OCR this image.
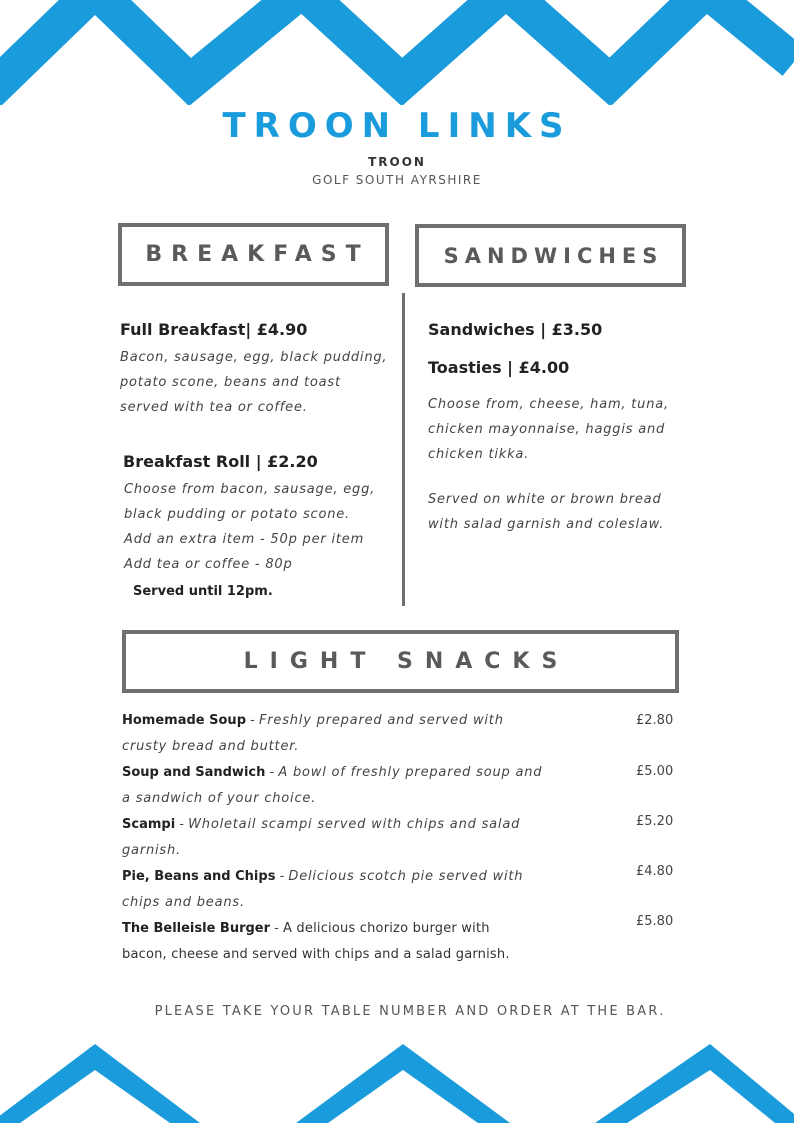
TROON LINKS
TROON
GOLF SOUTH AYRSHIRE
BREAKFAST
Full Breakfast| £4.90
Bacon, sausage, egg, black pudding,
potato scone, beans and toast
served with tea or coffee.
Breakfast Roll | £2.20
Choose from bacon, sausage, egg,
black pudding or potato scone.
Add an extra item - 50p per item
Add tea or coffee - 80p
Served until 12pm.
SANDWICHES
Sandwiches | £3.50
Toasties | £4.00
Choose from, cheese, ham, tuna,
chicken mayonnaise, haggis and
chicken tikka.
Served on white or brown bread
with salad garnish and coleslaw.
LIGHT SNACKS
Homemade Soup - Freshly prepared and served with
crusty bread and butter.
£2.80
Soup and Sandwich - A bowl of freshly prepared soup and
a sandwich of your choice.
£5.00
Scampi - Wholetail scampi served with chips and salad
garnish.
£5.20
Pie, Beans and Chips - Delicious scotch pie served with
chips and beans.
£4.80
The Belleisle Burger - A delicious chorizo burger with
bacon, cheese and served with chips and a salad garnish.
£5.80
PLEASE TAKE YOUR TABLE NUMBER AND ORDER AT THE BAR.
